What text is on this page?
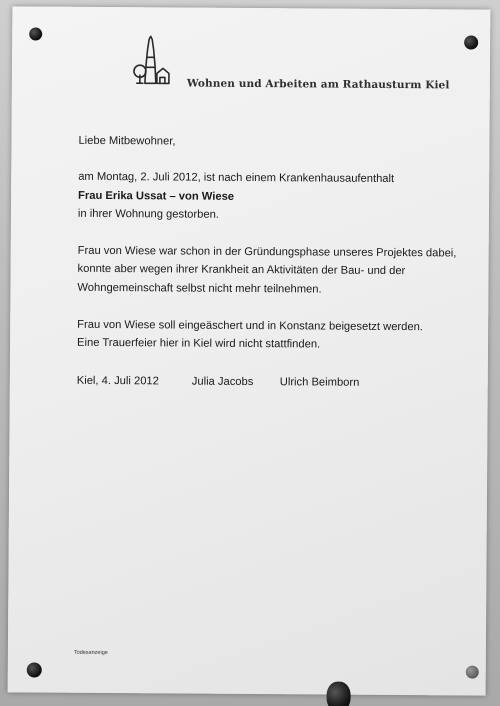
Wohnen und Arbeiten am Rathausturm Kiel

Liebe Mitbewohner,

am Montag, 2. Juli 2012, ist nach einem Krankenhausaufenthalt

Frau Erika Ussat – von Wiese

in ihrer Wohnung gestorben.

Frau von Wiese war schon in der Gründungsphase unseres Projektes dabei,

konnte aber wegen ihrer Krankheit an Aktivitäten der Bau- und der

Wohngemeinschaft selbst nicht mehr teilnehmen.

Frau von Wiese soll eingeäschert und in Konstanz beigesetzt werden.

Eine Trauerfeier hier in Kiel wird nicht stattfinden.

Kiel, 4. Juli 2012	Julia Jacobs Ulrich Beimborn
Todesanzeige
